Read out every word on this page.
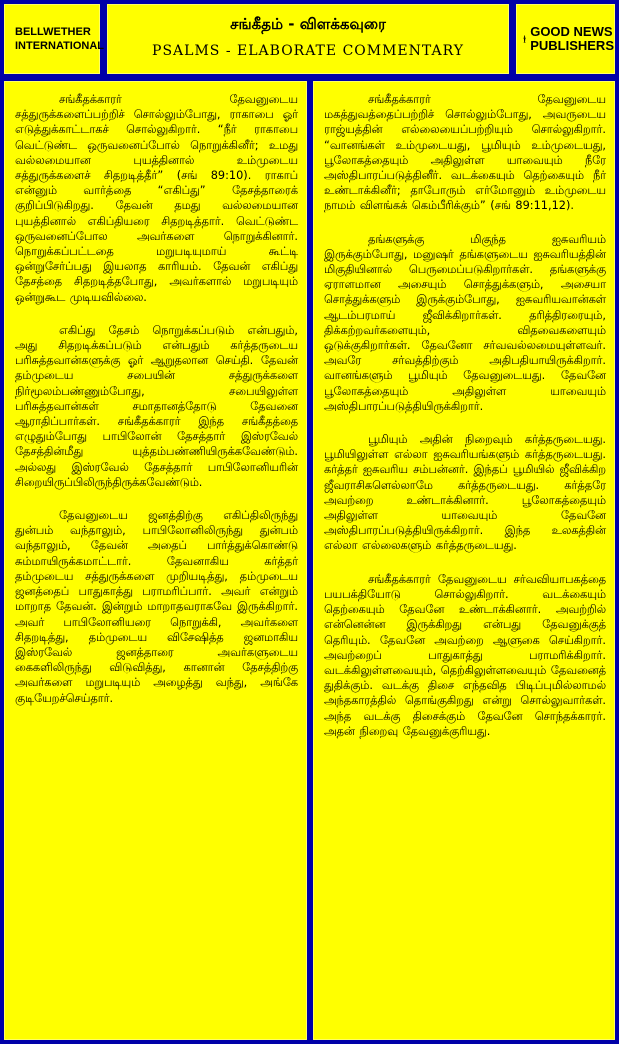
BELLWETHER
INTERNATIONAL
சங்கீதம் - விளக்கவுரை
PSALMS - ELABORATE COMMENTARY
GOOD NEWS
PUBLISHERS

சங்கீதக்காரர் தேவனுடைய சத்துருக்களைப்பற்றிச் சொல்லும்போது, ராகாபை ஓர் எடுத்துக்காட்டாகச் சொல்லுகிறார். “நீர் ராகாபை வெட்டுண்ட ஒருவனைப்போல் நொறுக்கினீர்; உமது வல்லமையான புயத்தினால் உம்முடைய சத்துருக்களைச் சிதறடித்தீர்” (சங் 89:10). ராகாப் என்னும் வார்த்தை “எகிப்து” தேசத்தாரைக் குறிப்பிடுகிறது. தேவன் தமது வல்லமையான புயத்தினால் எகிப்தியரை சிதறடித்தார். வெட்டுண்ட ஒருவனைப்போல அவர்களை நொறுக்கினார். நொறுக்கப்பட்டதை மறுபடியுமாய் கூட்டி ஒன்றுசேர்ப்பது இயலாத காரியம். தேவன் எகிப்து தேசத்தை சிதறடித்தபோது, அவர்களால் மறுபடியும் ஒன்றுகூட முடியவில்லை.

எகிப்து தேசம் நொறுக்கப்படும் என்பதும், அது சிதறடிக்கப்படும் என்பதும் கர்த்தருடைய பரிசுத்தவான்களுக்கு ஓர் ஆறுதலான செய்தி. தேவன் தம்முடைய சபையின் சத்துருக்களை நிர்மூலம்பண்ணும்போது, சபையிலுள்ள பரிசுத்தவான்கள் சமாதானத்தோடு தேவனை ஆராதிப்பார்கள். சங்கீதக்காரர் இந்த சங்கீதத்தை எழுதும்போது பாபிலோன் தேசத்தார் இஸ்ரவேல் தேசத்தின்மீது யுத்தம்பண்ணியிருக்கவேண்டும். அல்லது இஸ்ரவேல் தேசத்தார் பாபிலோனியரின் சிறையிருப்பிலிருந்திருக்கவேண்டும்.

தேவனுடைய ஜனத்திற்கு எகிப்திலிருந்து துன்பம் வந்தாலும், பாபிலோனிலிருந்து துன்பம் வந்தாலும், தேவன் அதைப் பார்த்துக்கொண்டு சும்மாயிருக்கமாட்டார். தேவனாகிய கர்த்தர் தம்முடைய சத்துருக்களை முறியடித்து, தம்முடைய ஜனத்தைப் பாதுகாத்து பராமரிப்பார். அவர் என்றும் மாறாத தேவன். இன்றும் மாறாதவராகவே இருக்கிறார். அவர் பாபிலோனியரை நொறுக்கி, அவர்களை சிதறடித்து, தம்முடைய விசேஷித்த ஜனமாகிய இஸ்ரவேல் ஜனத்தாரை அவர்களுடைய கைகளிலிருந்து விடுவித்து, கானான் தேசத்திற்கு அவர்களை மறுபடியும் அழைத்து வந்து, அங்கே குடியேறச்செய்தார்.

சங்கீதக்காரர் தேவனுடைய மகத்துவத்தைப்பற்றிச் சொல்லும்போது, அவருடைய ராஜ்யத்தின் எல்லையைப்பற்றியும் சொல்லுகிறார். “வானங்கள் உம்முடையது, பூமியும் உம்முடையது, பூலோகத்தையும் அதிலுள்ள யாவையும் நீரே அஸ்திபாரப்படுத்தினீர். வடக்கையும் தெற்கையும் நீர் உண்டாக்கினீர்; தாபோரும் எர்மோனும் உம்முடைய நாமம் விளங்கக் கெம்பீரிக்கும்” (சங் 89:11,12).

தங்களுக்கு மிகுந்த ஐசுவரியம் இருக்கும்போது, மனுஷர் தங்களுடைய ஐசுவரியத்தின் மிகுதியினால் பெருமைப்படுகிறார்கள். தங்களுக்கு ஏராளமான அசையும் சொத்துக்களும், அசையா சொத்துக்களும் இருக்கும்போது, ஐசுவரியவான்கள் ஆடம்பரமாய் ஜீவிக்கிறார்கள். தரித்திரரையும், திக்கற்றவர்களையும், விதவைகளையும் ஒடுக்குகிறார்கள். தேவனோ சர்வவல்லமையுள்ளவர். அவரே சர்வத்திற்கும் அதிபதியாயிருக்கிறார். வானங்களும் பூமியும் தேவனுடையது. தேவனே பூலோகத்தையும் அதிலுள்ள யாவையும் அஸ்திபாரப்படுத்தியிருக்கிறார்.

பூமியும் அதின் நிறைவும் கர்த்தருடையது. பூமியிலுள்ள எல்லா ஐசுவரியங்களும் கர்த்தருடையது. கர்த்தர் ஐசுவரிய சம்பன்னர். இந்தப் பூமியில் ஜீவிக்கிற ஜீவராசிகளெல்லாமே கர்த்தருடையது. கர்த்தரே அவற்றை உண்டாக்கினார். பூலோகத்தையும் அதிலுள்ள யாவையும் தேவனே அஸ்திபாரப்படுத்தியிருக்கிறார். இந்த உலகத்தின் எல்லா எல்லைகளும் கர்த்தருடையது.

சங்கீதக்காரர் தேவனுடைய சர்வவியாபகத்தை பயபக்தியோடு சொல்லுகிறார். வடக்கையும் தெற்கையும் தேவனே உண்டாக்கினார். அவற்றில் என்னென்ன இருக்கிறது என்பது தேவனுக்குத் தெரியும். தேவனே அவற்றை ஆளுகை செய்கிறார். அவற்றைப் பாதுகாத்து பராமரிக்கிறார். வடக்கிலுள்ளவையும், தெற்கிலுள்ளவையும் தேவனைத் துதிக்கும். வடக்கு திசை எந்தவித பிடிப்புமில்லாமல் அந்தகாரத்தில் தொங்குகிறது என்று சொல்லுவார்கள். அந்த வடக்கு திசைக்கும் தேவனே சொந்தக்காரர். அதன் நிறைவு தேவனுக்குரியது.
